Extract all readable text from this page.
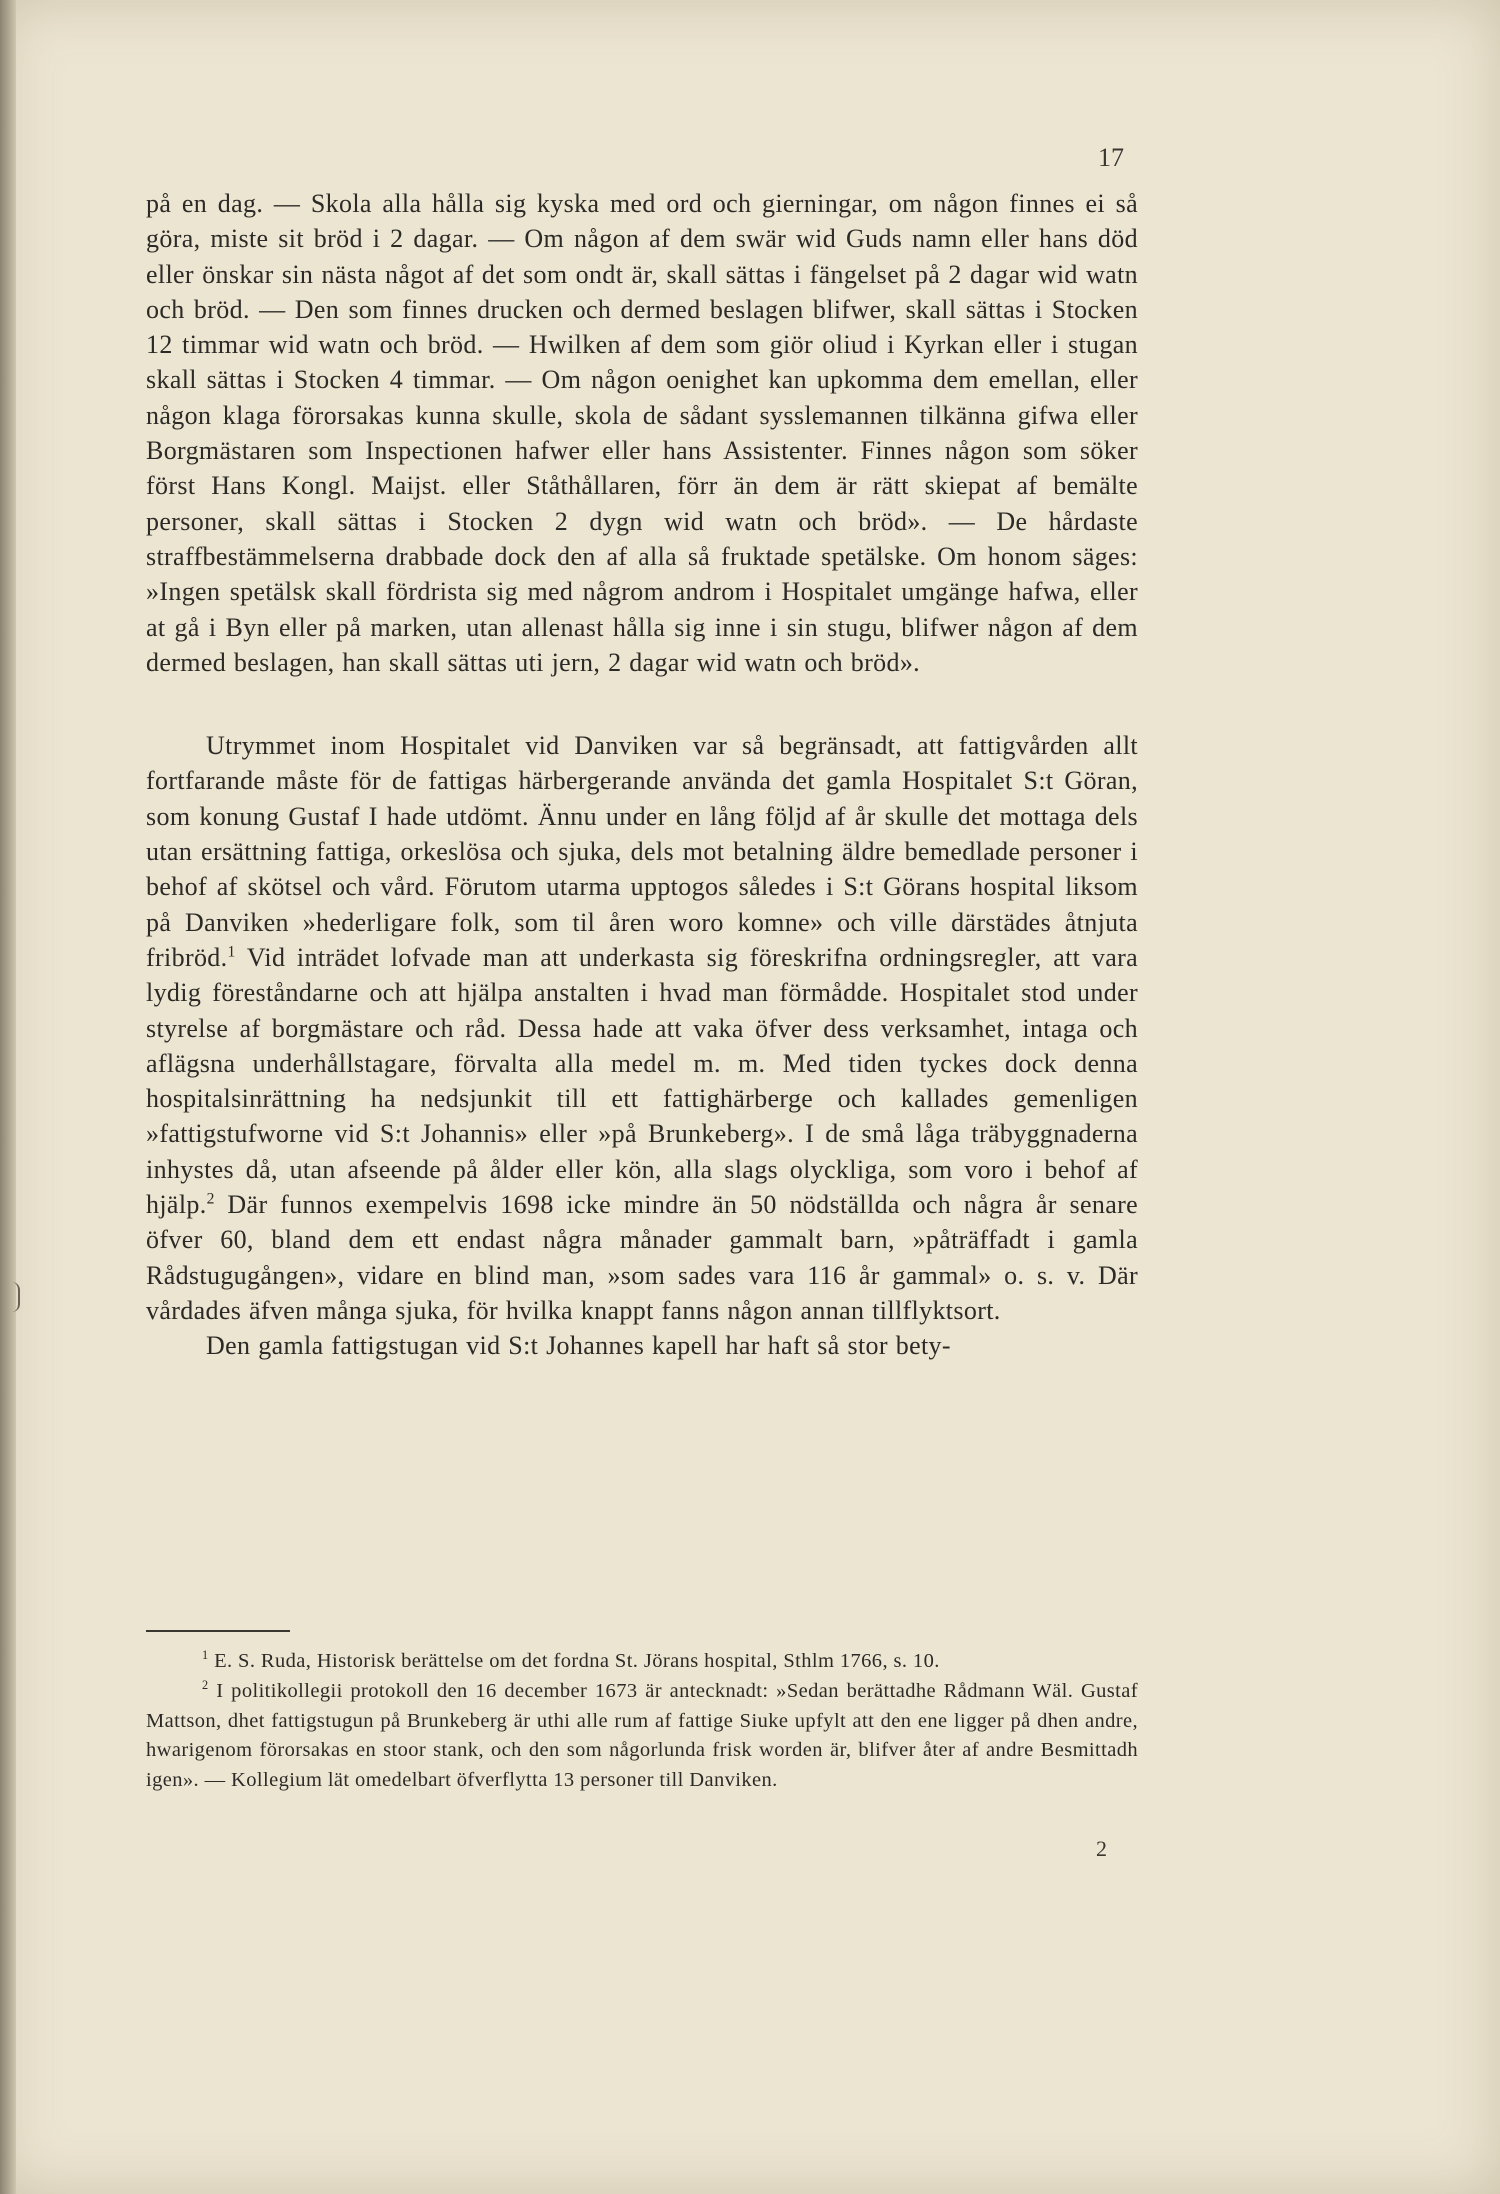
17

på en dag. — Skola alla hålla sig kyska med ord och gierningar, om någon finnes ei så göra, miste sit bröd i 2 dagar. — Om någon af dem swär wid Guds namn eller hans död eller önskar sin nästa något af det som ondt är, skall sättas i fängelset på 2 dagar wid watn och bröd. — Den som finnes drucken och dermed beslagen blifwer, skall sättas i Stocken 12 timmar wid watn och bröd. — Hwilken af dem som giör oliud i Kyrkan eller i stugan skall sättas i Stocken 4 timmar. — Om någon oenighet kan upkomma dem emellan, eller någon klaga förorsakas kunna skulle, skola de sådant sysslemannen tilkänna gifwa eller Borgmästaren som Inspectionen hafwer eller hans Assistenter. Finnes någon som söker först Hans Kongl. Maijst. eller Ståthållaren, förr än dem är rätt skiepat af bemälte personer, skall sättas i Stocken 2 dygn wid watn och bröd». — De hårdaste straffbestämmelserna drabbade dock den af alla så fruktade spetälske. Om honom säges: »Ingen spetälsk skall fördrista sig med någrom androm i Hospitalet umgänge hafwa, eller at gå i Byn eller på marken, utan allenast hålla sig inne i sin stugu, blifwer någon af dem dermed beslagen, han skall sättas uti jern, 2 dagar wid watn och bröd».

Utrymmet inom Hospitalet vid Danviken var så begränsadt, att fattigvården allt fortfarande måste för de fattigas härbergerande använda det gamla Hospitalet S:t Göran, som konung Gustaf I hade utdömt. Ännu under en lång följd af år skulle det mottaga dels utan ersättning fattiga, orkeslösa och sjuka, dels mot betalning äldre bemedlade personer i behof af skötsel och vård. Förutom utarma upptogos således i S:t Görans hospital liksom på Danviken »hederligare folk, som til åren woro komne» och ville därstädes åtnjuta fribröd.$^1$ Vid inträdet lofvade man att underkasta sig föreskrifna ordningsregler, att vara lydig föreståndarne och att hjälpa anstalten i hvad man förmådde. Hospitalet stod under styrelse af borgmästare och råd. Dessa hade att vaka öfver dess verksamhet, intaga och aflägsna underhållstagare, förvalta alla medel m. m. Med tiden tyckes dock denna hospitalsinrättning ha nedsjunkit till ett fattighärberge och kallades gemenligen »fattigstufworne vid S:t Johannis» eller »på Brunkeberg». I de små låga träbyggnaderna inhystes då, utan afseende på ålder eller kön, alla slags olyckliga, som voro i behof af hjälp.$^2$ Där funnos exempelvis 1698 icke mindre än 50 nödställda och några år senare öfver 60, bland dem ett endast några månader gammalt barn, »påträffadt i gamla Rådstugugången», vidare en blind man, »som sades vara 116 år gammal» o. s. v. Där vårdades äfven många sjuka, för hvilka knappt fanns någon annan tillflyktsort.

Den gamla fattigstugan vid S:t Johannes kapell har haft så stor bety-

$^1$ E. S. Ruda, Historisk berättelse om det fordna St. Jörans hospital, Sthlm 1766, s. 10.

$^2$ I politikollegii protokoll den 16 december 1673 är antecknadt: »Sedan berättadhe Rådmann Wäl. Gustaf Mattson, dhet fattigstugun på Brunkeberg är uthi alle rum af fattige Siuke upfylt att den ene ligger på dhen andre, hwarigenom förorsakas en stoor stank, och den som någorlunda frisk worden är, blifver åter af andre Besmittadh igen». — Kollegium lät omedelbart öfverflytta 13 personer till Danviken.

2
